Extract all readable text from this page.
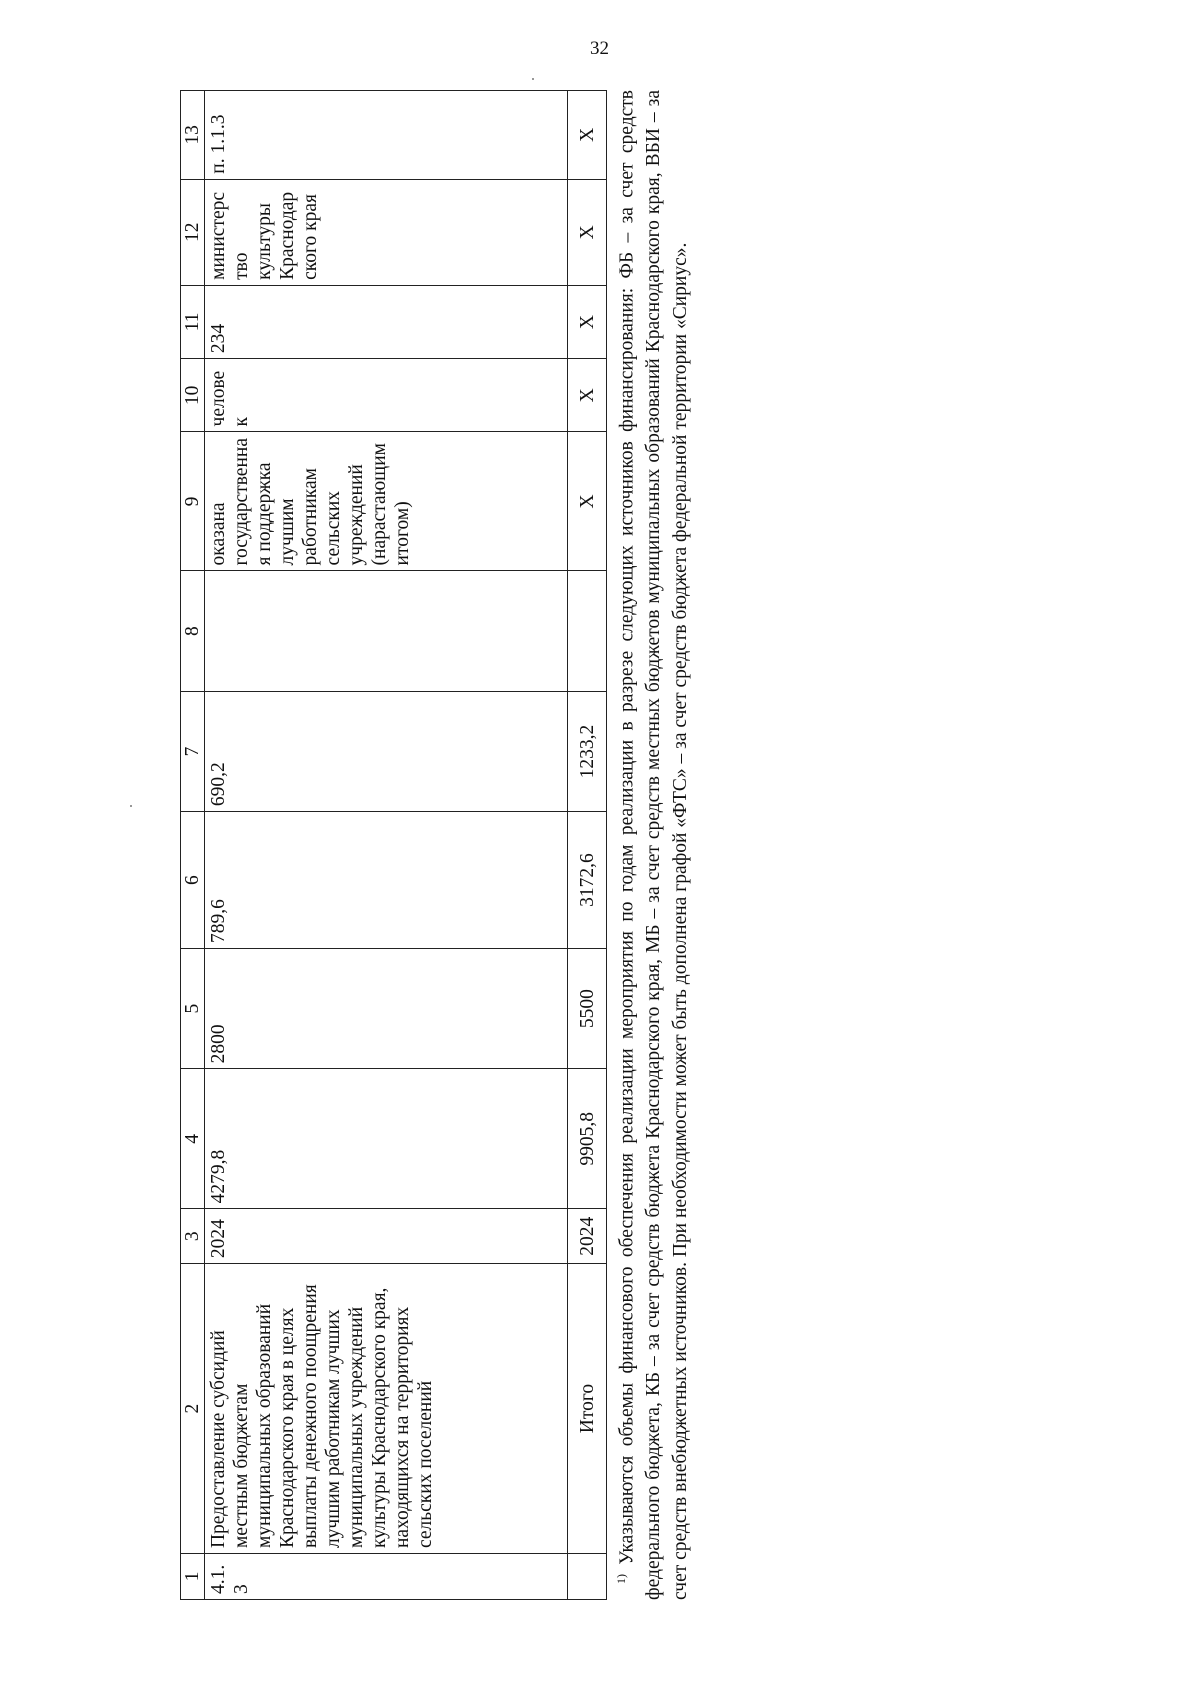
32
1	2	3	4	5	6	7	8	9	10	11	12	13
4.1.3	Предоставление субсидий местным бюджетам муниципальных образований Краснодарского края в целях выплаты денежного поощрения лучшим работникам лучших муниципальных учреждений культуры Краснодарского края, находящихся на территориях сельских поселений	2024	4279,8	2800	789,6	690,2		оказана государственная поддержка лучшим работникам сельских учреждений (нарастающим итогом)	человек	234	министерство культуры Краснодарского края	п. 1.1.3
	Итого	2024	9905,8	5500	3172,6	1233,2		X	X	X	X	X
$^{1)}$ Указываются объемы финансового обеспечения реализации мероприятия по годам реализации в разрезе следующих источников финансирования: ФБ – за счет средств федерального бюджета, КБ – за счет средств бюджета Краснодарского края, МБ – за счет средств местных бюджетов муниципальных образований Краснодарского края, ВБИ – за счет средств внебюджетных источников. При необходимости может быть дополнена графой «ФТС» – за счет средств бюджета федеральной территории «Сириус».
